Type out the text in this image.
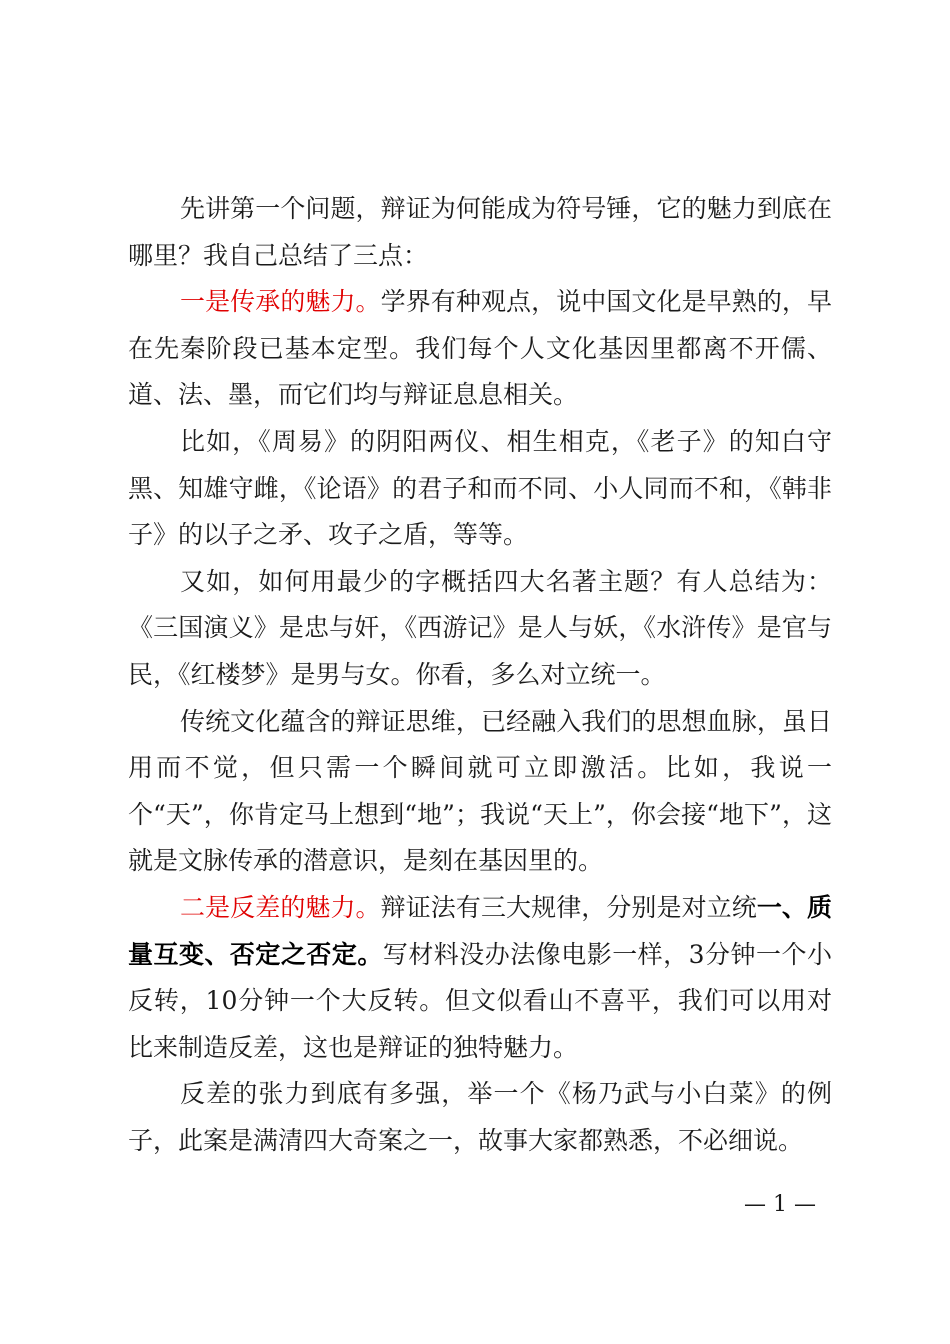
先讲第一个问题，辩证为何能成为符号锤，它的魅力到底在哪里？我自己总结了三点：

一是传承的魅力。学界有种观点，说中国文化是早熟的，早在先秦阶段已基本定型。我们每个人文化基因里都离不开儒、道、法、墨，而它们均与辩证息息相关。

比如，《周易》的阴阳两仪、相生相克，《老子》的知白守黑、知雄守雌，《论语》的君子和而不同、小人同而不和，《韩非子》的以子之矛、攻子之盾，等等。

又如，如何用最少的字概括四大名著主题？有人总结为：《三国演义》是忠与奸，《西游记》是人与妖，《水浒传》是官与民，《红楼梦》是男与女。你看，多么对立统一。

传统文化蕴含的辩证思维，已经融入我们的思想血脉，虽日用而不觉，但只需一个瞬间就可立即激活。比如，我说一个“天”，你肯定马上想到“地”；我说“天上”，你会接“地下”，这就是文脉传承的潜意识，是刻在基因里的。

二是反差的魅力。辩证法有三大规律，分别是对立统一、质量互变、否定之否定。写材料没办法像电影一样，3分钟一个小反转，10分钟一个大反转。但文似看山不喜平，我们可以用对比来制造反差，这也是辩证的独特魅力。

反差的张力到底有多强，举一个《杨乃武与小白菜》的例子，此案是满清四大奇案之一，故事大家都熟悉，不必细说。

— 1 —
